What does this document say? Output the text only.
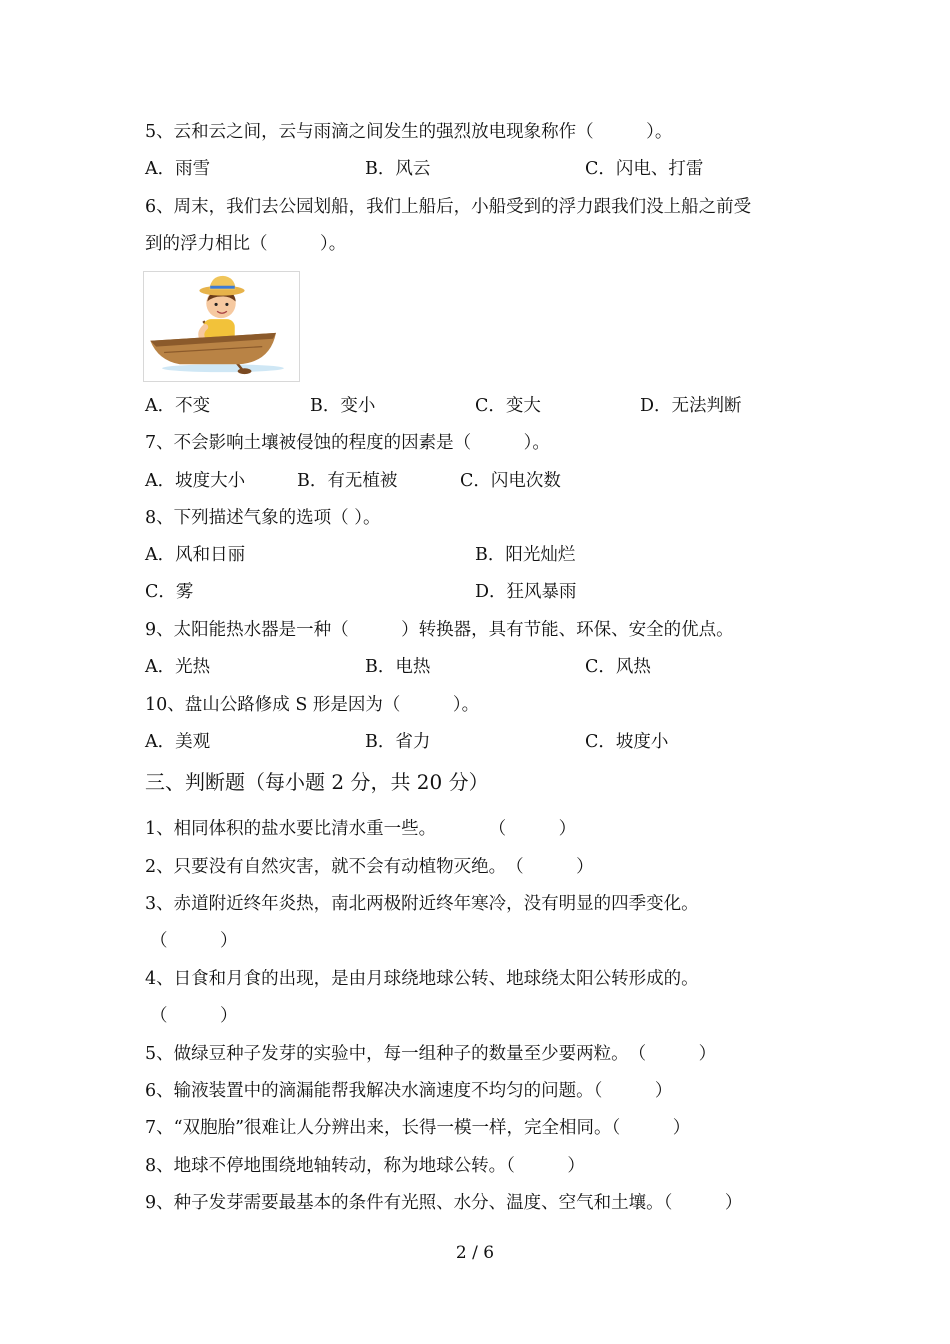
5、云和云之间，云与雨滴之间发生的强烈放电现象称作（　　　）。
A．雨雪	B．风云	C．闪电、打雷
6、周末，我们去公园划船，我们上船后，小船受到的浮力跟我们没上船之前受
到的浮力相比（　　　）。
A．不变	B．变小	C．变大	D．无法判断
7、不会影响土壤被侵蚀的程度的因素是（　　　）。
A．坡度大小	B．有无植被	C．闪电次数
8、下列描述气象的选项（ ）。
A．风和日丽	B．阳光灿烂
C．雾	D．狂风暴雨
9、太阳能热水器是一种（　　　）转换器，具有节能、环保、安全的优点。
A．光热	B．电热	C．风热
10、盘山公路修成 S 形是因为（　　　）。
A．美观	B．省力	C．坡度小
三、判断题（每小题 2 分，共 20 分）
1、相同体积的盐水要比清水重一些。　　　　（　　　）
2、只要没有自然灾害，就不会有动植物灭绝。　（　　　）
3、赤道附近终年炎热，南北两极附近终年寒冷，没有明显的四季变化。
（　　　）
4、日食和月食的出现，是由月球绕地球公转、地球绕太阳公转形成的。
（　　　）
5、做绿豆种子发芽的实验中，每一组种子的数量至少要两粒。　（　　　）
6、输液装置中的滴漏能帮我解决水滴速度不均匀的问题。（　　　）
7、“双胞胎”很难让人分辨出来，长得一模一样，完全相同。（　　　）
8、地球不停地围绕地轴转动，称为地球公转。（　　　）
9、种子发芽需要最基本的条件有光照、水分、温度、空气和土壤。（　　　）
2 / 6
